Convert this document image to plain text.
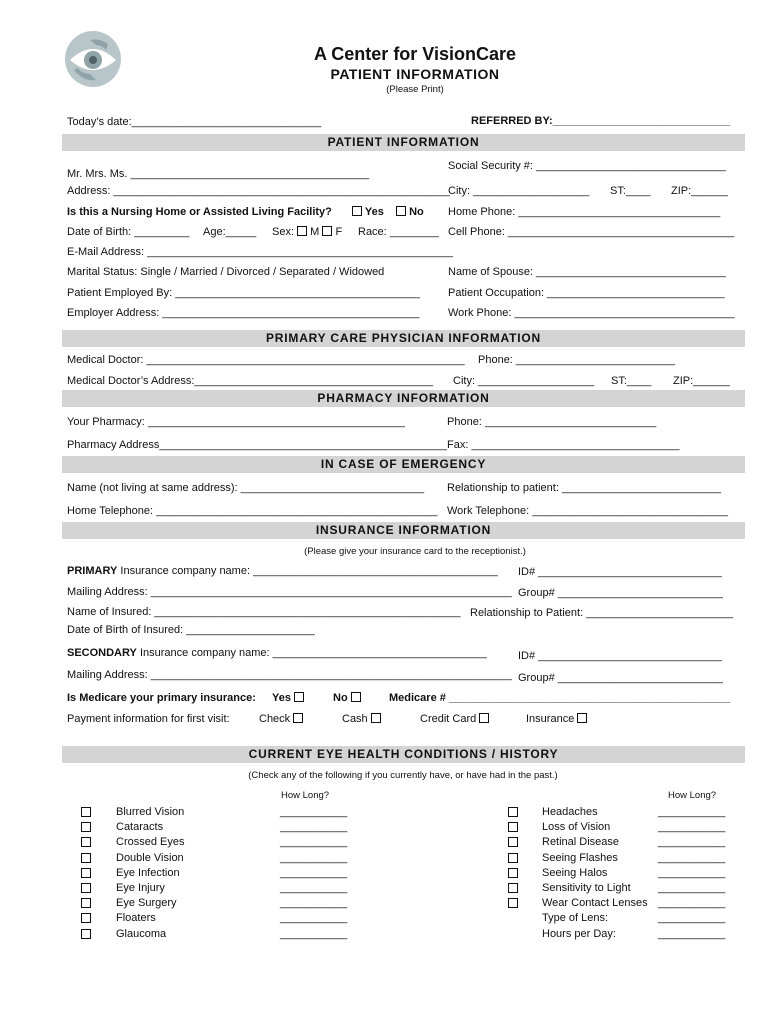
A Center for VisionCare
PATIENT INFORMATION
(Please Print)
Today’s date:_______________________________	REFERRED BY:_____________________________
PATIENT INFORMATION
Mr. Mrs. Ms. _______________________________________
Social Security #: _______________________________
Address: _______________________________________________________
City: ___________________ ST:____ ZIP:______
Is this a Nursing Home or Assisted Living Facility?	Yes	No Home Phone: _________________________________
Date of Birth: _________ Age:_____ Sex: M F Race: ________ Cell Phone: _____________________________________
E-Mail Address: __________________________________________________
Marital Status: Single / Married / Divorced / Separated / Widowed	Name of Spouse: _______________________________
Patient Employed By: ________________________________________	Patient Occupation: _____________________________
Employer Address: __________________________________________	Work Phone: ____________________________________
PRIMARY CARE PHYSICIAN INFORMATION
Medical Doctor: ____________________________________________________ Phone: __________________________
Medical Doctor’s Address:_______________________________________ City: ___________________ ST:____ ZIP:______
PHARMACY INFORMATION
Your Pharmacy: __________________________________________	Phone: ____________________________
Pharmacy Address_______________________________________________ Fax: __________________________________
IN CASE OF EMERGENCY
Name (not living at same address): ______________________________ Relationship to patient: __________________________
Home Telephone: ______________________________________________ Work Telephone: ________________________________
INSURANCE INFORMATION
(Please give your insurance card to the receptionist.)
PRIMARY Insurance company name: ________________________________________ ID# ______________________________
Mailing Address: ___________________________________________________________ Group# ___________________________
Name of Insured: __________________________________________________ Relationship to Patient: ________________________
Date of Birth of Insured: _____________________
SECONDARY Insurance company name: ___________________________________	ID# ______________________________
Mailing Address: ___________________________________________________________ Group# ___________________________
Is Medicare your primary insurance: Yes	No	Medicare # ______________________________________________
Payment information for first visit:	Check	Cash	Credit Card	Insurance
CURRENT EYE HEALTH CONDITIONS / HISTORY
(Check any of the following if you currently have, or have had in the past.)
How Long?	How Long?
Blurred Vision	___________
Cataracts	___________
Crossed Eyes	___________
Double Vision	___________
Eye Infection	___________
Eye Injury	___________
Eye Surgery	___________
Floaters	___________
Glaucoma	___________
Headaches	___________
Loss of Vision	___________
Retinal Disease	___________
Seeing Flashes	___________
Seeing Halos	___________
Sensitivity to Light ___________
Wear Contact Lenses ___________
Type of Lens:	___________
Hours per Day:	___________
